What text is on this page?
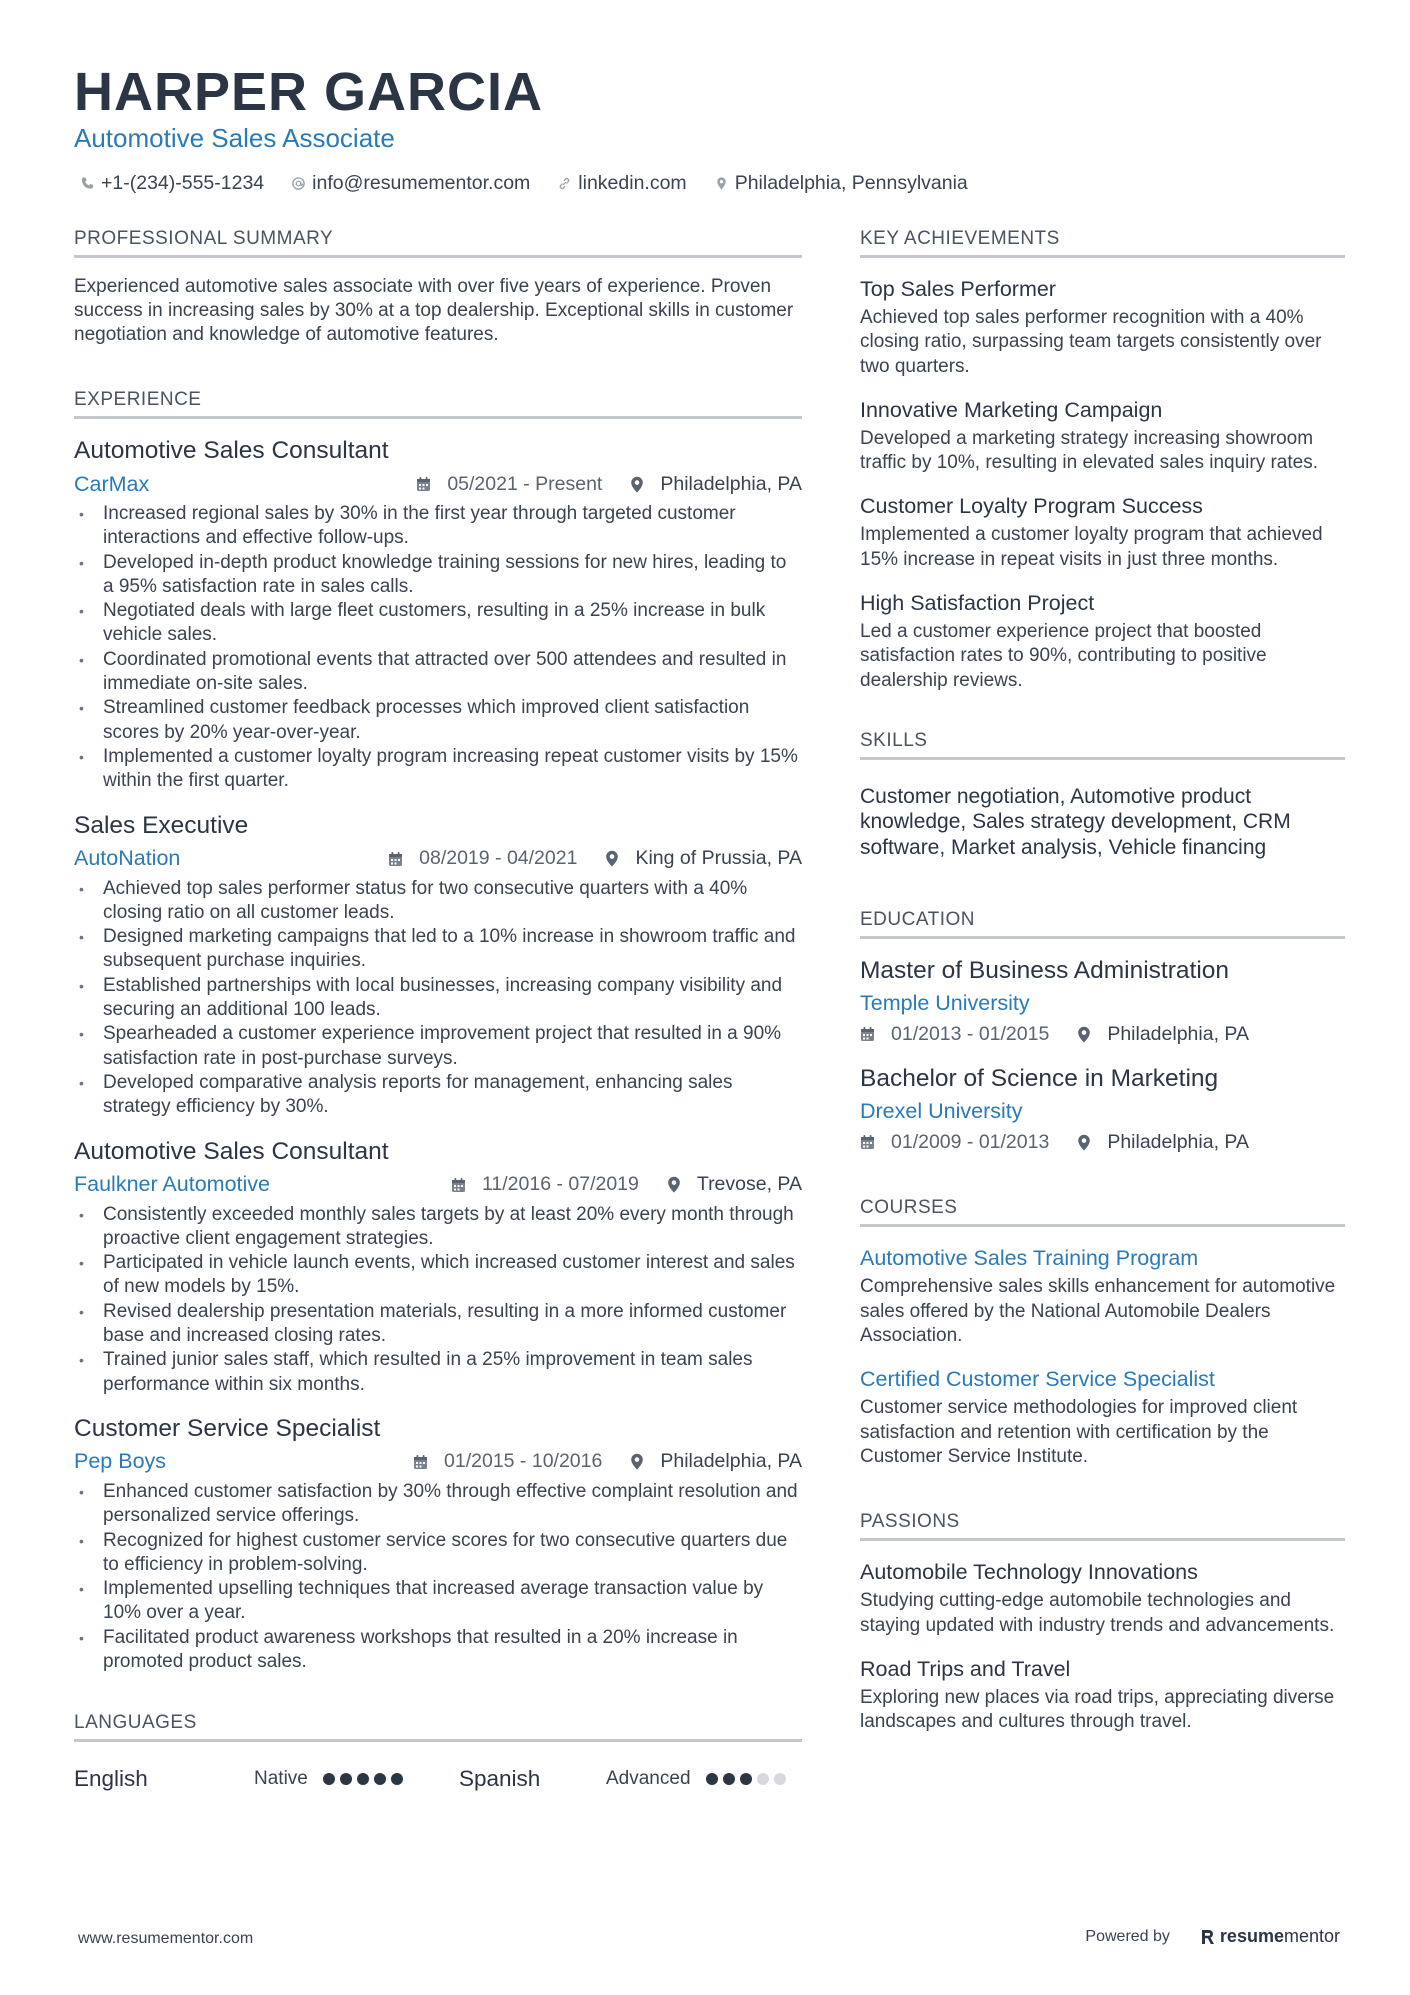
HARPER GARCIA
Automotive Sales Associate
+1-(234)-555-1234 info@resumementor.com linkedin.com Philadelphia, Pennsylvania
PROFESSIONAL SUMMARY
Experienced automotive sales associate with over five years of experience. Proven success in increasing sales by 30% at a top dealership. Exceptional skills in customer negotiation and knowledge of automotive features.
EXPERIENCE
Automotive Sales Consultant
CarMax	05/2021 - Present	Philadelphia, PA
• Increased regional sales by 30% in the first year through targeted customer interactions and effective follow-ups.
• Developed in-depth product knowledge training sessions for new hires, leading to a 95% satisfaction rate in sales calls.
• Negotiated deals with large fleet customers, resulting in a 25% increase in bulk vehicle sales.
• Coordinated promotional events that attracted over 500 attendees and resulted in immediate on-site sales.
• Streamlined customer feedback processes which improved client satisfaction scores by 20% year-over-year.
• Implemented a customer loyalty program increasing repeat customer visits by 15% within the first quarter.
Sales Executive
AutoNation	08/2019 - 04/2021	King of Prussia, PA
• Achieved top sales performer status for two consecutive quarters with a 40% closing ratio on all customer leads.
• Designed marketing campaigns that led to a 10% increase in showroom traffic and subsequent purchase inquiries.
• Established partnerships with local businesses, increasing company visibility and securing an additional 100 leads.
• Spearheaded a customer experience improvement project that resulted in a 90% satisfaction rate in post-purchase surveys.
• Developed comparative analysis reports for management, enhancing sales strategy efficiency by 30%.
Automotive Sales Consultant
Faulkner Automotive	11/2016 - 07/2019	Trevose, PA
• Consistently exceeded monthly sales targets by at least 20% every month through proactive client engagement strategies.
• Participated in vehicle launch events, which increased customer interest and sales of new models by 15%.
• Revised dealership presentation materials, resulting in a more informed customer base and increased closing rates.
• Trained junior sales staff, which resulted in a 25% improvement in team sales performance within six months.
Customer Service Specialist
Pep Boys	01/2015 - 10/2016	Philadelphia, PA
• Enhanced customer satisfaction by 30% through effective complaint resolution and personalized service offerings.
• Recognized for highest customer service scores for two consecutive quarters due to efficiency in problem-solving.
• Implemented upselling techniques that increased average transaction value by 10% over a year.
• Facilitated product awareness workshops that resulted in a 20% increase in promoted product sales.
LANGUAGES
English	Native	Spanish	Advanced
KEY ACHIEVEMENTS
Top Sales Performer
Achieved top sales performer recognition with a 40% closing ratio, surpassing team targets consistently over two quarters.
Innovative Marketing Campaign
Developed a marketing strategy increasing showroom traffic by 10%, resulting in elevated sales inquiry rates.
Customer Loyalty Program Success
Implemented a customer loyalty program that achieved 15% increase in repeat visits in just three months.
High Satisfaction Project
Led a customer experience project that boosted satisfaction rates to 90%, contributing to positive dealership reviews.
SKILLS
Customer negotiation, Automotive product knowledge, Sales strategy development, CRM software, Market analysis, Vehicle financing
EDUCATION
Master of Business Administration
Temple University
01/2013 - 01/2015	Philadelphia, PA
Bachelor of Science in Marketing
Drexel University
01/2009 - 01/2013	Philadelphia, PA
COURSES
Automotive Sales Training Program
Comprehensive sales skills enhancement for automotive sales offered by the National Automobile Dealers Association.
Certified Customer Service Specialist
Customer service methodologies for improved client satisfaction and retention with certification by the Customer Service Institute.
PASSIONS
Automobile Technology Innovations
Studying cutting-edge automobile technologies and staying updated with industry trends and advancements.
Road Trips and Travel
Exploring new places via road trips, appreciating diverse landscapes and cultures through travel.
www.resumementor.com	Powered by	resume mentor
